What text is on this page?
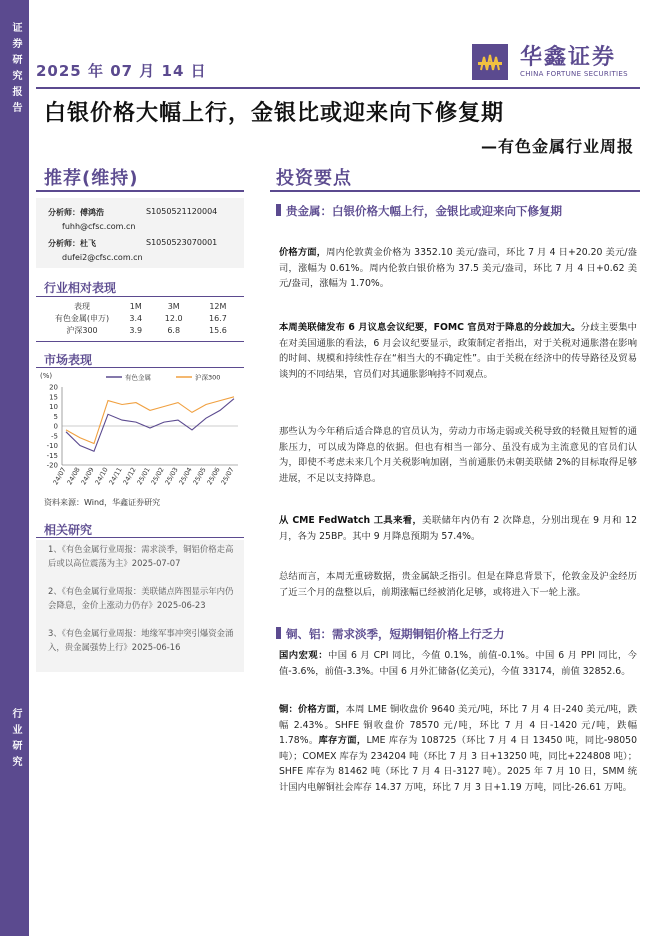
证券研究报告
行业研究
2025 年 07 月 14 日
华鑫证券
CHINA FORTUNE SECURITIES
白银价格大幅上行，金银比或迎来向下修复期
—有色金属行业周报
推荐(维持)
分析师：傅鸿浩	S1050521120004
fuhh@cfsc.com.cn
分析师：杜飞	S1050523070001
dufei2@cfsc.com.cn
行业相对表现
表现	1M	3M	12M
有色金属(申万)	3.4	12.0	16.7
沪深300	3.9	6.8	15.6
市场表现
20
15
10
5
0
-5
-10
-15
-20
(%)
24/07
24/08
24/09
24/10
24/11
24/12
25/01
25/02
25/03
25/04
25/05
25/06
25/07
有色金属	沪深300
资料来源：Wind，华鑫证券研究
相关研究
1、《有色金属行业周报：需求淡季，铜铝价格走高后或以高位震荡为主》2025-07-07
2、《有色金属行业周报：美联储点阵图显示年内仍会降息，金价上涨动力仍存》2025-06-23
3、《有色金属行业周报：地缘军事冲突引爆资金涌入，贵金属强势上行》2025-06-16
投资要点
贵金属：白银价格大幅上行，金银比或迎来向下修复期
价格方面，周内伦敦黄金价格为 3352.10 美元/盎司，环比 7 月 4 日+20.20 美元/盎司，涨幅为 0.61%。周内伦敦白银价格为 37.5 美元/盎司，环比 7 月 4 日+0.62 美元/盎司，涨幅为 1.70%。
本周美联储发布 6 月议息会议纪要，FOMC 官员对于降息的分歧加大。分歧主要集中在对美国通胀的看法，6 月会议纪要显示，政策制定者指出，对于关税对通胀潜在影响的时间、规模和持续性存在“相当大的不确定性”。由于关税在经济中的传导路径及贸易谈判的不同结果，官员们对其通胀影响持不同观点。
那些认为今年稍后适合降息的官员认为，劳动力市场走弱或关税导致的轻微且短暂的通胀压力，可以成为降息的依据。但也有相当一部分、虽没有成为主流意见的官员们认为，即使不考虑未来几个月关税影响加剧，当前通胀仍未朝美联储 2%的目标取得足够进展，不足以支持降息。
从 CME FedWatch 工具来看，美联储年内仍有 2 次降息，分别出现在 9 月和 12 月，各为 25BP。其中 9 月降息预期为 57.4%。
总结而言，本周无重磅数据，贵金属缺乏指引。但是在降息背景下，伦敦金及沪金经历了近三个月的盘整以后，前期涨幅已经被消化足够，或将进入下一轮上涨。
铜、铝：需求淡季，短期铜铝价格上行乏力
国内宏观：中国 6 月 CPI 同比，今值 0.1%，前值-0.1%。中国 6 月 PPI 同比，今值-3.6%，前值-3.3%。中国 6 月外汇储备(亿美元)，今值 33174，前值 32852.6。
铜：价格方面，本周 LME 铜收盘价 9640 美元/吨，环比 7 月 4 日-240 美元/吨，跌幅 2.43%。SHFE 铜收盘价 78570 元/吨，环比 7 月 4 日-1420 元/吨，跌幅 1.78%。库存方面，LME 库存为 108725（环比 7 月 4 日 13450 吨，同比-98050 吨）；COMEX 库存为 234204 吨（环比 7 月 3 日+13250 吨，同比+224808 吨）；SHFE 库存为 81462 吨（环比 7 月 4 日-3127 吨）。2025 年 7 月 10 日，SMM 统计国内电解铜社会库存 14.37 万吨，环比 7 月 3 日+1.19 万吨，同比-26.61 万吨。
